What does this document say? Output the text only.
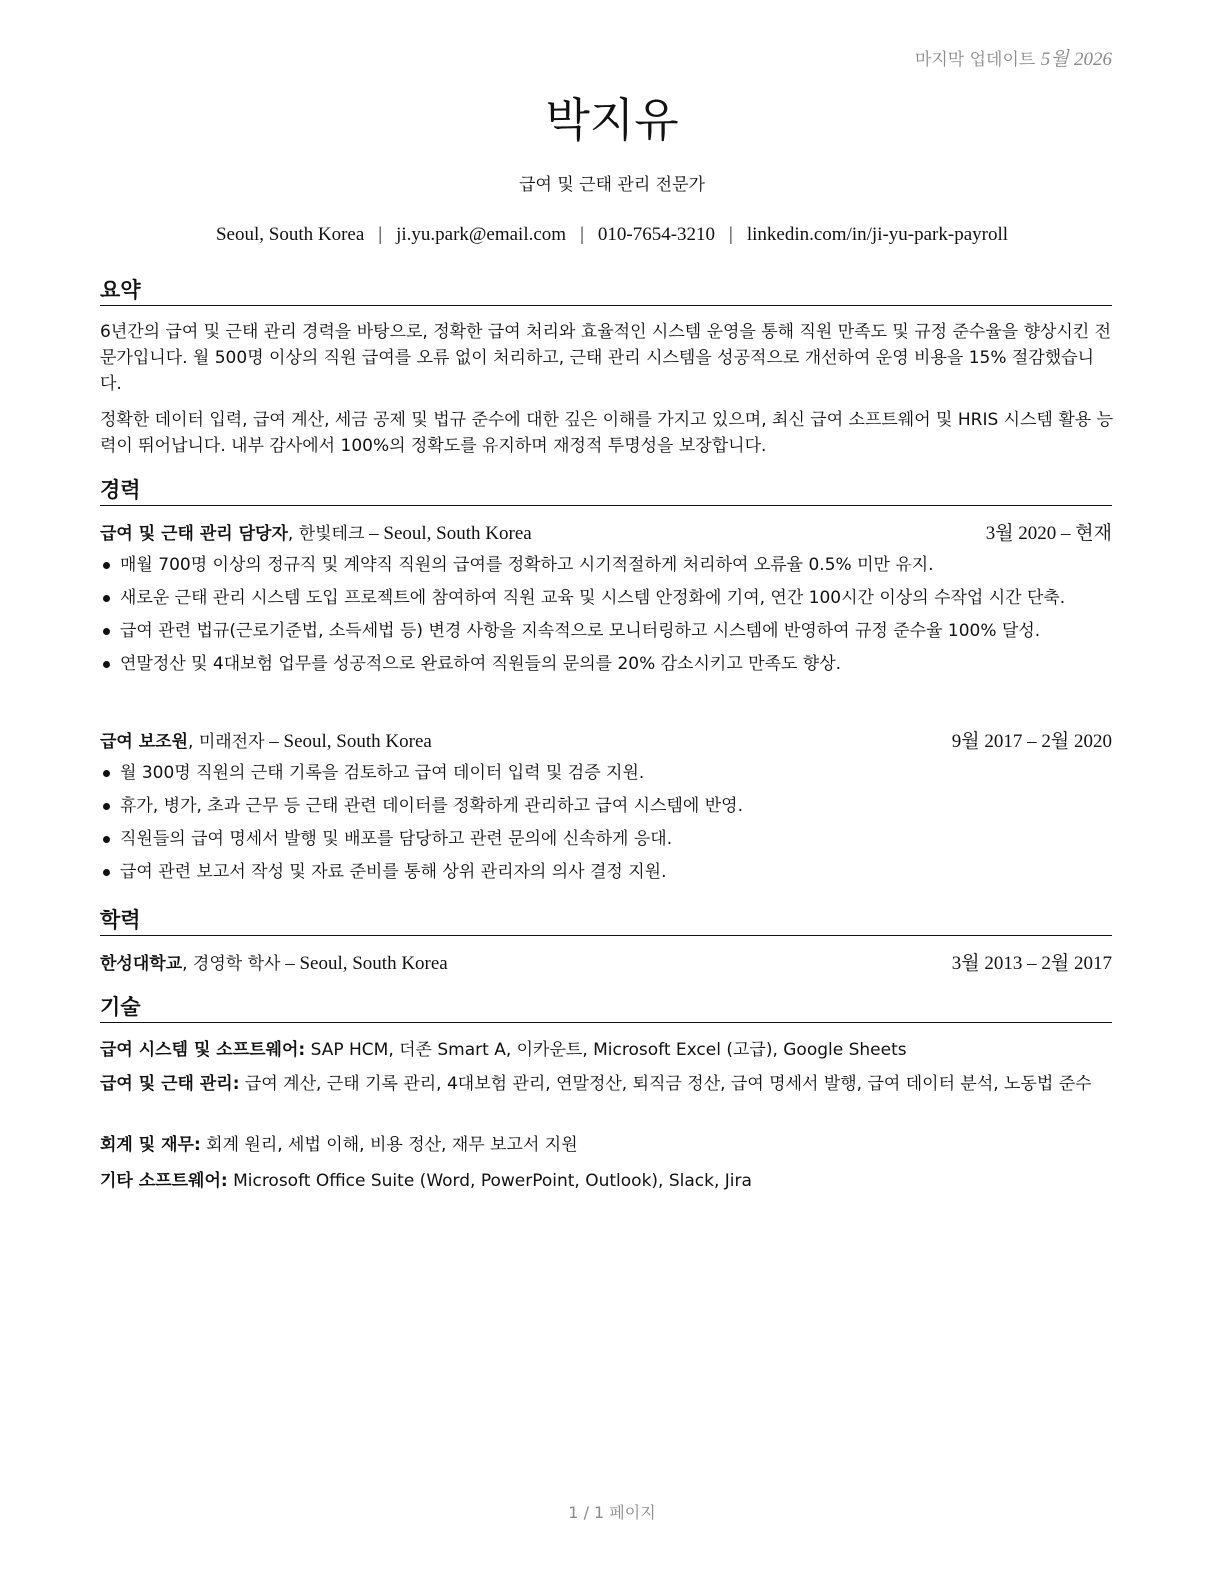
마지막 업데이트 5월 2026
박지유
급여 및 근태 관리 전문가
Seoul, South Korea | ji.yu.park@email.com | 010-7654-3210 | linkedin.com/in/ji-yu-park-payroll
요약
6년간의 급여 및 근태 관리 경력을 바탕으로, 정확한 급여 처리와 효율적인 시스템 운영을 통해 직원 만족도 및 규정 준수율을 향상시킨 전문가입니다. 월 500명 이상의 직원 급여를 오류 없이 처리하고, 근태 관리 시스템을 성공적으로 개선하여 운영 비용을 15% 절감했습니다.
정확한 데이터 입력, 급여 계산, 세금 공제 및 법규 준수에 대한 깊은 이해를 가지고 있으며, 최신 급여 소프트웨어 및 HRIS 시스템 활용 능력이 뛰어납니다. 내부 감사에서 100%의 정확도를 유지하며 재정적 투명성을 보장합니다.
경력
급여 및 근태 관리 담당자, 한빛테크 – Seoul, South Korea	3월 2020 – 현재
매월 700명 이상의 정규직 및 계약직 직원의 급여를 정확하고 시기적절하게 처리하여 오류율 0.5% 미만 유지.
새로운 근태 관리 시스템 도입 프로젝트에 참여하여 직원 교육 및 시스템 안정화에 기여, 연간 100시간 이상의 수작업 시간 단축.
급여 관련 법규(근로기준법, 소득세법 등) 변경 사항을 지속적으로 모니터링하고 시스템에 반영하여 규정 준수율 100% 달성.
연말정산 및 4대보험 업무를 성공적으로 완료하여 직원들의 문의를 20% 감소시키고 만족도 향상.
급여 보조원, 미래전자 – Seoul, South Korea	9월 2017 – 2월 2020
월 300명 직원의 근태 기록을 검토하고 급여 데이터 입력 및 검증 지원.
휴가, 병가, 초과 근무 등 근태 관련 데이터를 정확하게 관리하고 급여 시스템에 반영.
직원들의 급여 명세서 발행 및 배포를 담당하고 관련 문의에 신속하게 응대.
급여 관련 보고서 작성 및 자료 준비를 통해 상위 관리자의 의사 결정 지원.
학력
한성대학교, 경영학 학사 – Seoul, South Korea	3월 2013 – 2월 2017
기술
급여 시스템 및 소프트웨어: SAP HCM, 더존 Smart A, 이카운트, Microsoft Excel (고급), Google Sheets
급여 및 근태 관리: 급여 계산, 근태 기록 관리, 4대보험 관리, 연말정산, 퇴직금 정산, 급여 명세서 발행, 급여 데이터 분석, 노동법 준수
회계 및 재무: 회계 원리, 세법 이해, 비용 정산, 재무 보고서 지원
기타 소프트웨어: Microsoft Office Suite (Word, PowerPoint, Outlook), Slack, Jira
1 / 1 페이지
